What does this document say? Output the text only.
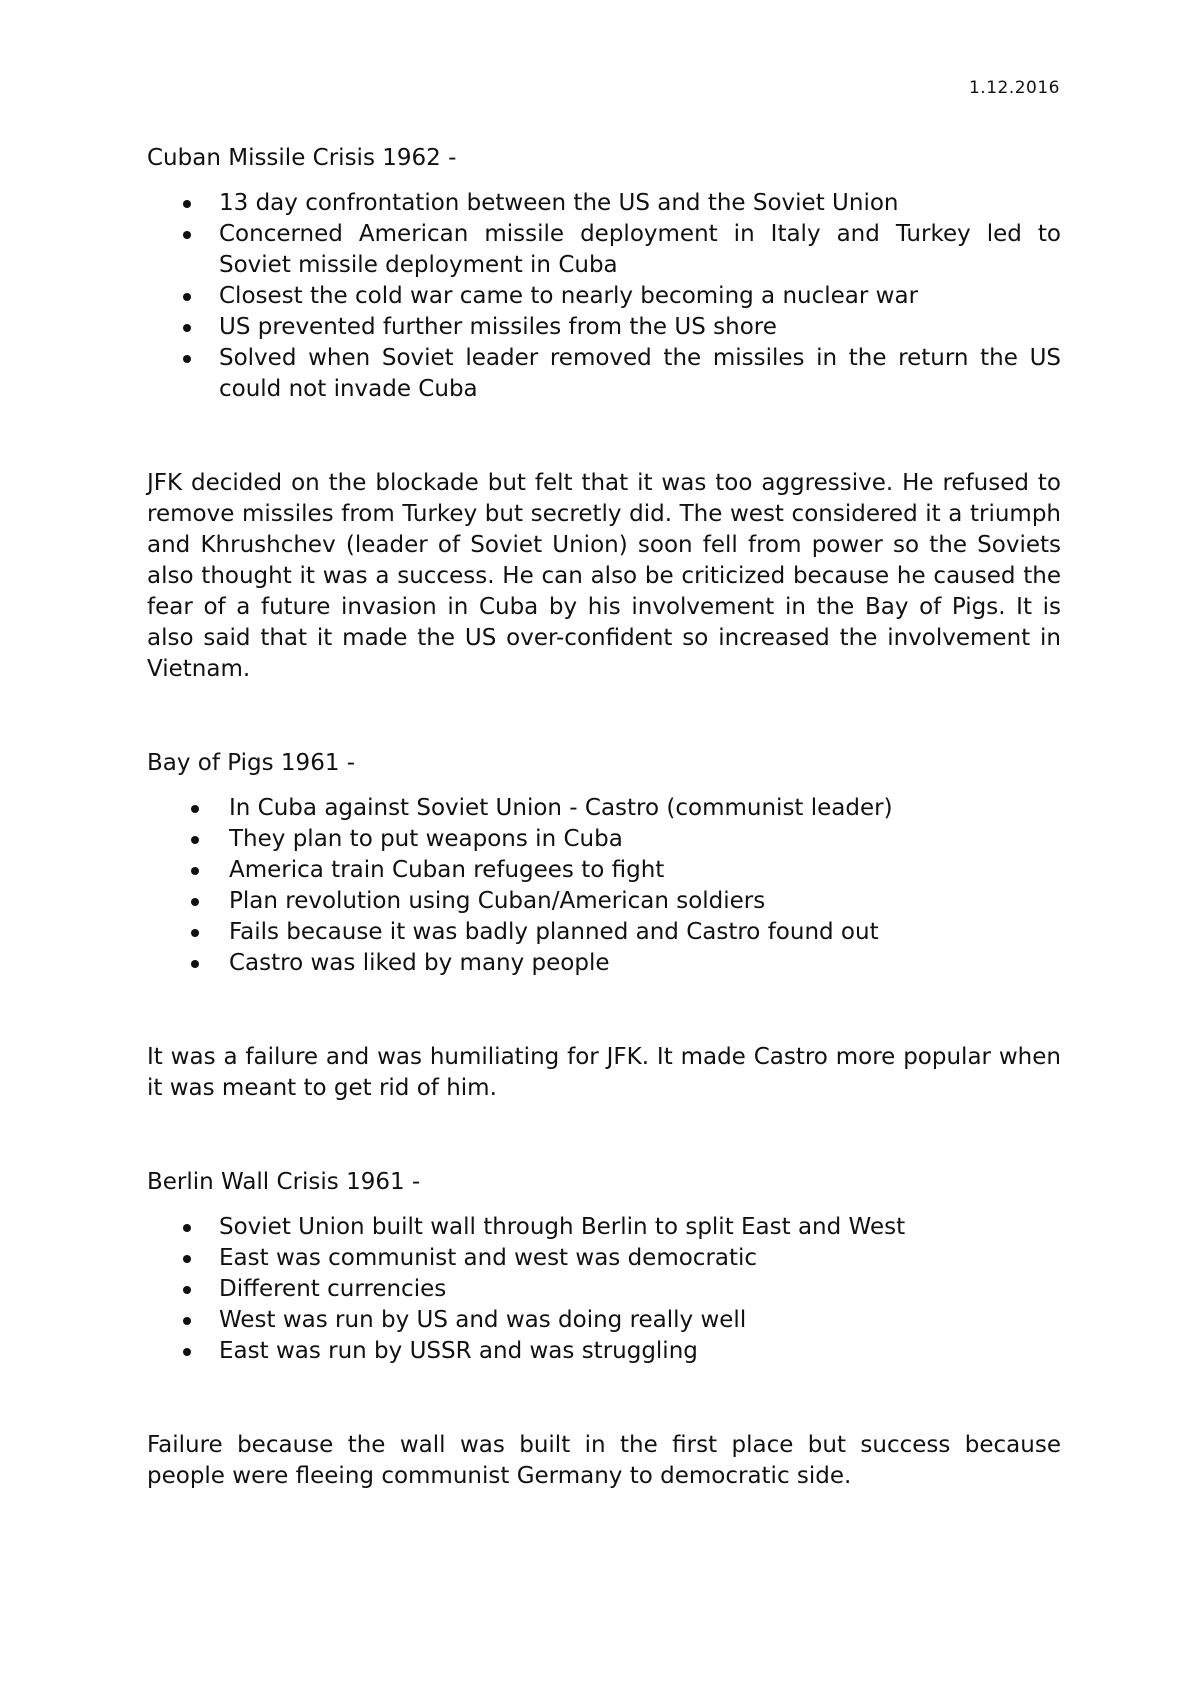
1.12.2016

Cuban Missile Crisis 1962 -

13 day confrontation between the US and the Soviet Union
Concerned American missile deployment in Italy and Turkey led to Soviet missile deployment in Cuba
Closest the cold war came to nearly becoming a nuclear war
US prevented further missiles from the US shore
Solved when Soviet leader removed the missiles in the return the US could not invade Cuba

JFK decided on the blockade but felt that it was too aggressive. He refused to remove missiles from Turkey but secretly did. The west considered it a triumph and Khrushchev (leader of Soviet Union) soon fell from power so the Soviets also thought it was a success. He can also be criticized because he caused the fear of a future invasion in Cuba by his involvement in the Bay of Pigs. It is also said that it made the US over-confident so increased the involvement in Vietnam.

Bay of Pigs 1961 -

In Cuba against Soviet Union - Castro (communist leader)
They plan to put weapons in Cuba
America train Cuban refugees to fight
Plan revolution using Cuban/American soldiers
Fails because it was badly planned and Castro found out
Castro was liked by many people

It was a failure and was humiliating for JFK. It made Castro more popular when it was meant to get rid of him.

Berlin Wall Crisis 1961 -

Soviet Union built wall through Berlin to split East and West
East was communist and west was democratic
Different currencies
West was run by US and was doing really well
East was run by USSR and was struggling

Failure because the wall was built in the first place but success because people were fleeing communist Germany to democratic side.
